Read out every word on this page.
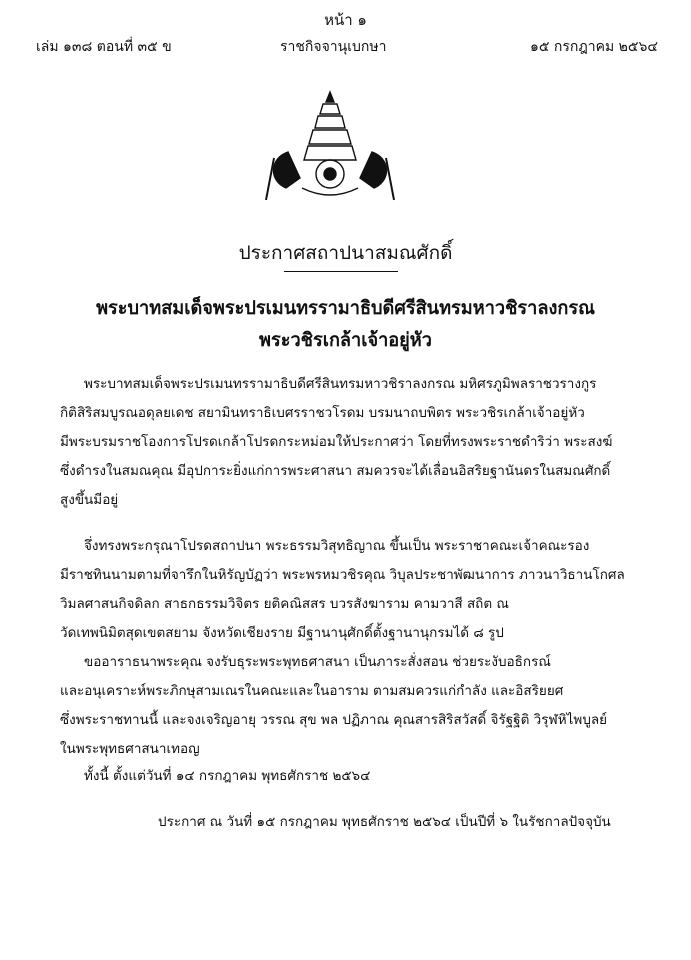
หน้า ๑
เล่ม ๑๓๘ ตอนที่ ๓๕ ข	ราชกิจจานุเบกษา	๑๕ กรกฎาคม ๒๕๖๔
ประกาศสถาปนาสมณศักดิ์
พระบาทสมเด็จพระปรเมนทรรามาธิบดีศรีสินทรมหาวชิราลงกรณ
พระวชิรเกล้าเจ้าอยู่หัว
พระบาทสมเด็จพระปรเมนทรรามาธิบดีศรีสินทรมหาวชิราลงกรณ มหิศรภูมิพลราชวรางกูร
กิติสิริสมบูรณอดุลยเดช สยามินทราธิเบศรราชวโรดม บรมนาถบพิตร พระวชิรเกล้าเจ้าอยู่หัว
มีพระบรมราชโองการโปรดเกล้าโปรดกระหม่อมให้ประกาศว่า โดยที่ทรงพระราชดำริว่า พระสงฆ์
ซึ่งดำรงในสมณคุณ มีอุปการะยิ่งแก่การพระศาสนา สมควรจะได้เลื่อนอิสริยฐานันดรในสมณศักดิ์
สูงขึ้นมีอยู่
จึ่งทรงพระกรุณาโปรดสถาปนา พระธรรมวิสุทธิญาณ ขึ้นเป็น พระราชาคณะเจ้าคณะรอง
มีราชทินนามตามที่จารึกในหิรัญบัฏว่า พระพรหมวชิรคุณ วิบุลประชาพัฒนาการ ภาวนาวิธานโกศล
วิมลศาสนกิจดิลก สาธกธรรมวิจิตร ยติคณิสสร บวรสังฆาราม คามวาสี สถิต ณ
วัดเทพนิมิตสุดเขตสยาม จังหวัดเชียงราย มีฐานานุศักดิ์ตั้งฐานานุกรมได้ ๘ รูป
ขออาราธนาพระคุณ จงรับธุระพระพุทธศาสนา เป็นภาระสั่งสอน ช่วยระงับอธิกรณ์
และอนุเคราะห์พระภิกษุสามเณรในคณะและในอาราม ตามสมควรแก่กำลัง และอิสริยยศ
ซึ่งพระราชทานนี้ และจงเจริญอายุ วรรณ สุข พล ปฏิภาณ คุณสารสิริสวัสดิ์ จิรัฐฐิติ วิรุฬหิไพบูลย์
ในพระพุทธศาสนาเทอญ
ทั้งนี้ ตั้งแต่วันที่ ๑๔ กรกฎาคม พุทธศักราช ๒๕๖๔
ประกาศ ณ วันที่ ๑๕ กรกฎาคม พุทธศักราช ๒๕๖๔ เป็นปีที่ ๖ ในรัชกาลปัจจุบัน
